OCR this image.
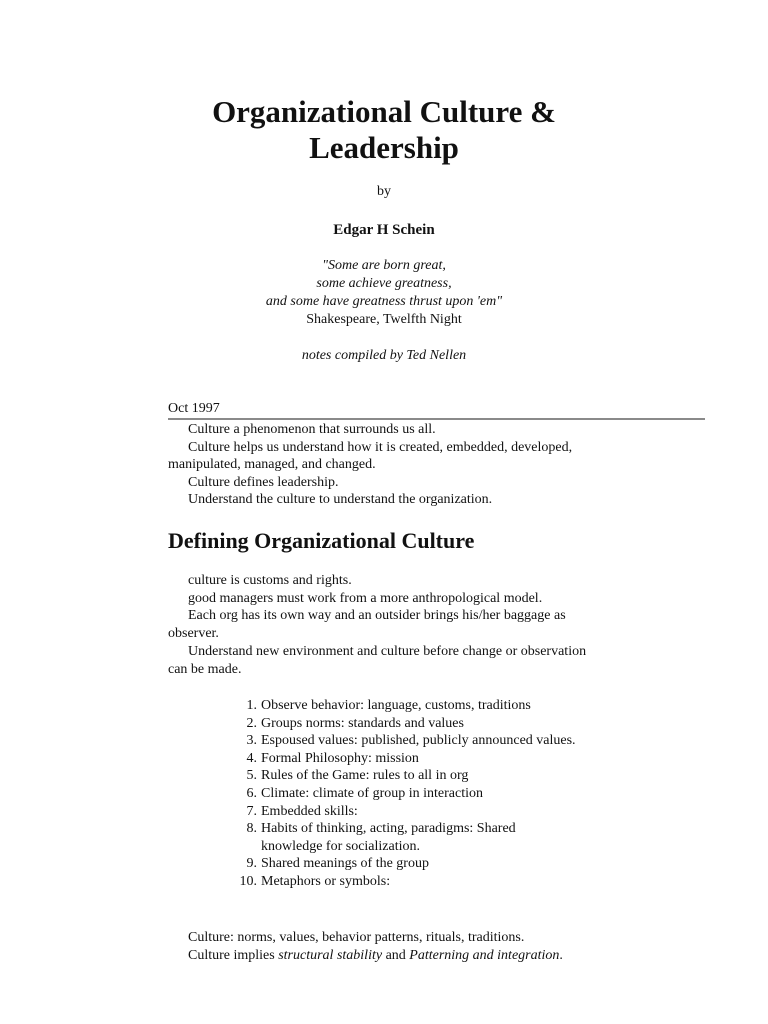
Organizational Culture &
Leadership
by
Edgar H Schein
"Some are born great,
some achieve greatness,
and some have greatness thrust upon 'em"
Shakespeare, Twelfth Night
notes compiled by Ted Nellen
Oct 1997

Culture a phenomenon that surrounds us all.

Culture helps us understand how it is created, embedded, developed, manipulated, managed, and changed.

Culture defines leadership.

Understand the culture to understand the organization.

Defining Organizational Culture

culture is customs and rights.

good managers must work from a more anthropological model.

Each org has its own way and an outsider brings his/her baggage as observer.

Understand new environment and culture before change or observation can be made.

1. Observe behavior: language, customs, traditions
2. Groups norms: standards and values
3. Espoused values: published, publicly announced values.
4. Formal Philosophy: mission
5. Rules of the Game: rules to all in org
6. Climate: climate of group in interaction
7. Embedded skills:
8. Habits of thinking, acting, paradigms: Shared knowledge for socialization.
9. Shared meanings of the group
10. Metaphors or symbols:

Culture: norms, values, behavior patterns, rituals, traditions.

Culture implies structural stability and Patterning and integration.
